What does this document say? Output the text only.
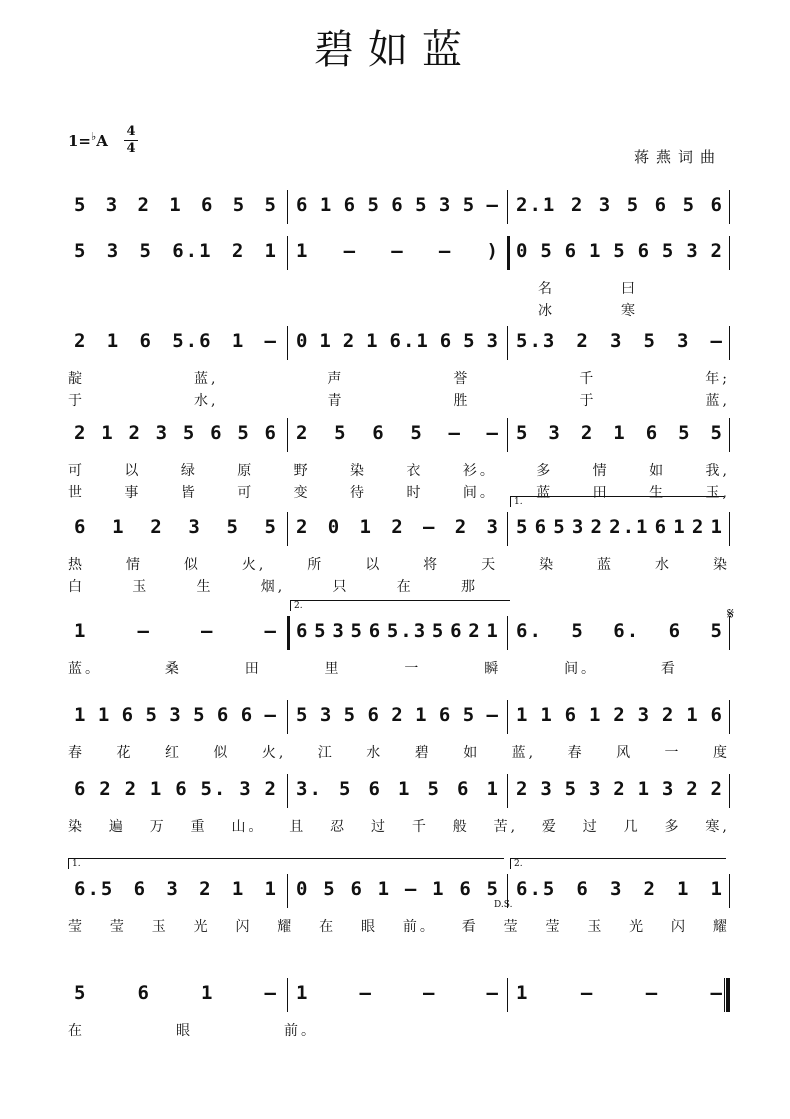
碧如蓝
1=♭A
4
4	蒋燕词曲
5 3 2 1 6 5 5 6 1 6 5 6 5 3 5 – 2.1 2 3 5 6 5 6
5 3 5 6.1 2 1 1 – – – ) 0 5 6 1 5 6 5 3 2
名	曰
冰	寒
2 1 6 5.6 1 – 0 1 2 1 6.1 6 5 3 5.3 2 3 5 3 –
靛	蓝,	声	誉	千	年;
于	水,	青	胜	于	蓝,
2 1 2 3 5 6 5 6 2 5 6 5 – – 5 3 2 1 6 5 5
可	以	绿	原	野	染	衣	衫。	多	情	如	我,
世	事	皆	可	变	待	时	间。	蓝	田	生	玉,
6 1 2 3 5 5 2 0 1 2 – 2 3 5 6 5 3 2 2.1 6 1 2 1
1.
热	情	似	火,	所	以	将	天	染	蓝	水	染
白	玉	生	烟,	只	在	那
1	–	–	– 6 5 3 5 6 5.3 5 6 2 1 6. 5 6. 6 5
2.	𝄋
蓝。	桑	田	里	一	瞬	间。	看
1 1 6 5 3 5 6 6 – 5 3 5 6 2 1 6 5 – 1 1 6 1 2 3 2 1 6
春 花 红 似 火, 江 水 碧 如 蓝, 春 风 一 度
6 2 2 1 6 5. 3 2 3. 5 6 1 5 6 1 2 3 5 3 2 1 3 2 2
染 遍 万 重 山。 且 忍 过 千 般 苦, 爱 过 几 多 寒,
6.5 6 3 2 1 1 0 5 6 1 – 1 6 5 6.5 6 3 2 1 1
1.	2.
D.S.
莹 莹 玉 光 闪 耀 在 眼 前。 看 莹 莹 玉 光 闪 耀
5	6	1	– 1	–	–	– 1	–	–	–
在	眼	前。
